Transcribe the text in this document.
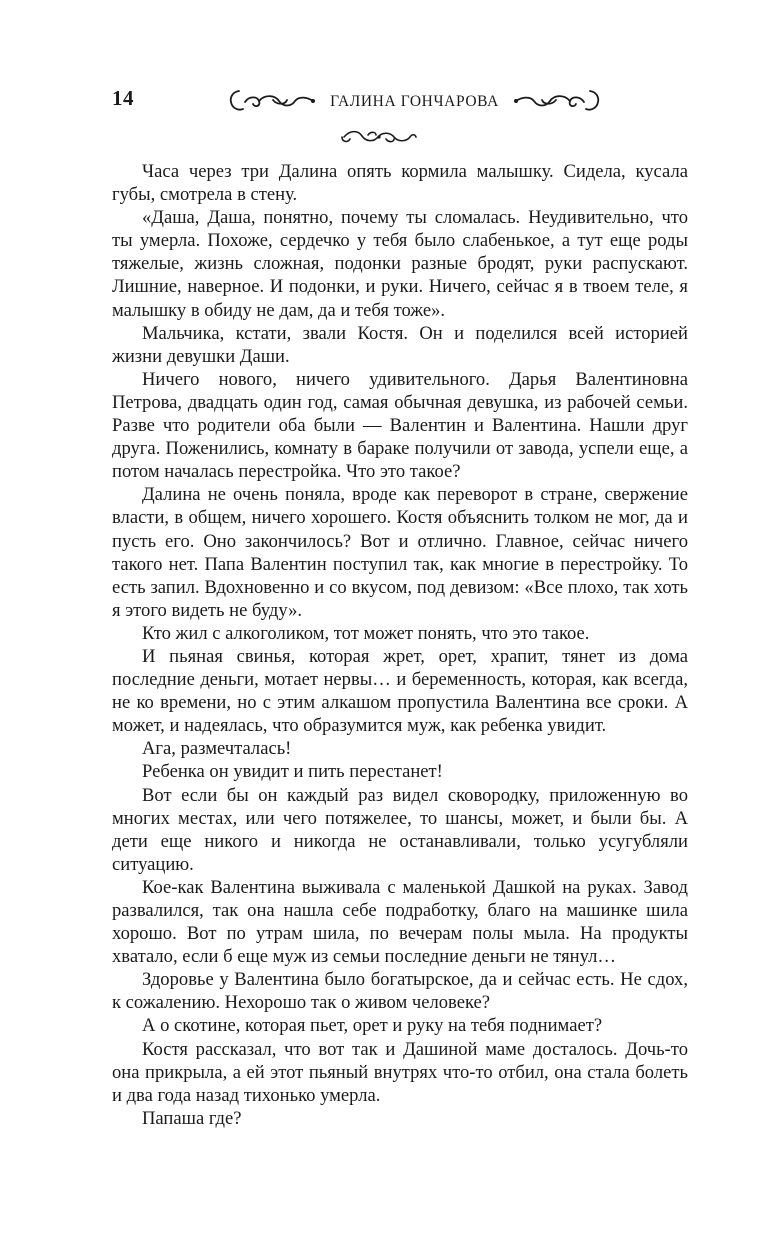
14	ГАЛИНА ГОНЧАРОВА

Часа через три Далина опять кормила малышку. Сидела, кусала губы, смотрела в стену.

«Даша, Даша, понятно, почему ты сломалась. Неудивительно, что ты умерла. Похоже, сердечко у тебя было слабенькое, а тут еще роды тяжелые, жизнь сложная, подонки разные бродят, руки распускают. Лишние, наверное. И подонки, и руки. Ничего, сейчас я в твоем теле, я малышку в обиду не дам, да и тебя тоже».

Мальчика, кстати, звали Костя. Он и поделился всей историей жизни девушки Даши.

Ничего нового, ничего удивительного. Дарья Валентиновна Петрова, двадцать один год, самая обычная девушка, из рабочей семьи. Разве что родители оба были — Валентин и Валентина. Нашли друг друга. Поженились, комнату в бараке получили от завода, успели еще, а потом началась перестройка. Что это такое?

Далина не очень поняла, вроде как переворот в стране, свержение власти, в общем, ничего хорошего. Костя объяснить толком не мог, да и пусть его. Оно закончилось? Вот и отлично. Главное, сейчас ничего такого нет. Папа Валентин поступил так, как многие в перестройку. То есть запил. Вдохновенно и со вкусом, под девизом: «Все плохо, так хоть я этого видеть не буду».

Кто жил с алкоголиком, тот может понять, что это такое.

И пьяная свинья, которая жрет, орет, храпит, тянет из дома последние деньги, мотает нервы… и беременность, которая, как всегда, не ко времени, но с этим алкашом пропустила Валентина все сроки. А может, и надеялась, что образумится муж, как ребенка увидит.

Ага, размечталась!

Ребенка он увидит и пить перестанет!

Вот если бы он каждый раз видел сковородку, приложенную во многих местах, или чего потяжелее, то шансы, может, и были бы. А дети еще никого и никогда не останавливали, только усугубляли ситуацию.

Кое-как Валентина выживала с маленькой Дашкой на руках. Завод развалился, так она нашла себе подработку, благо на машинке шила хорошо. Вот по утрам шила, по вечерам полы мыла. На продукты хватало, если б еще муж из семьи последние деньги не тянул…

Здоровье у Валентина было богатырское, да и сейчас есть. Не сдох, к сожалению. Нехорошо так о живом человеке?

А о скотине, которая пьет, орет и руку на тебя поднимает?

Костя рассказал, что вот так и Дашиной маме досталось. Дочь-то она прикрыла, а ей этот пьяный внутрях что-то отбил, она стала болеть и два года назад тихонько умерла.

Папаша где?
